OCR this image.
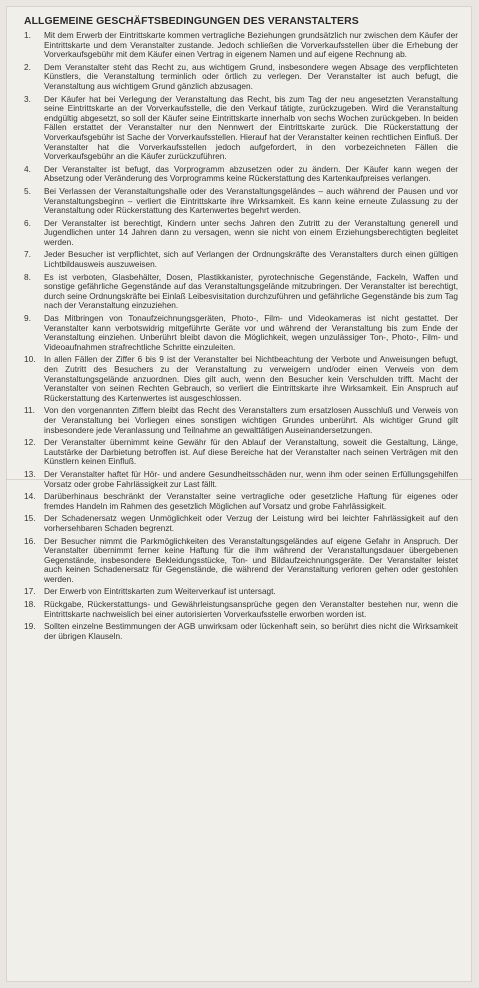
ALLGEMEINE GESCHÄFTSBEDINGUNGEN DES VERANSTALTERS
1.	Mit dem Erwerb der Eintrittskarte kommen vertragliche Beziehungen grundsätzlich nur zwischen dem Käufer der Eintrittskarte und dem Veranstalter zustande. Jedoch schließen die Vorverkaufsstellen über die Erhebung der Vorverkaufsgebühr mit dem Käufer einen Vertrag in eigenem Namen und auf eigene Rechnung ab.
2.	Dem Veranstalter steht das Recht zu, aus wichtigem Grund, insbesondere wegen Absage des verpflichteten Künstlers, die Veranstaltung terminlich oder örtlich zu verlegen. Der Veranstalter ist auch befugt, die Veranstaltung aus wichtigem Grund gänzlich abzusagen.
3.	Der Käufer hat bei Verlegung der Veranstaltung das Recht, bis zum Tag der neu angesetzten Veranstaltung seine Eintrittskarte an der Vorverkaufsstelle, die den Verkauf tätigte, zurückzugeben. Wird die Veranstaltung endgültig abgesetzt, so soll der Käufer seine Eintrittskarte innerhalb von sechs Wochen zurückgeben. In beiden Fällen erstattet der Veranstalter nur den Nennwert der Eintrittskarte zurück. Die Rückerstattung der Vorverkaufsgebühr ist Sache der Vorverkaufsstellen. Hierauf hat der Veranstalter keinen rechtlichen Einfluß. Der Veranstalter hat die Vorverkaufsstellen jedoch aufgefordert, in den vorbezeichneten Fällen die Vorverkaufsgebühr an die Käufer zurückzuführen.
4.	Der Veranstalter ist befugt, das Vorprogramm abzusetzen oder zu ändern. Der Käufer kann wegen der Absetzung oder Veränderung des Vorprogramms keine Rückerstattung des Kartenkaufpreises verlangen.
5.	Bei Verlassen der Veranstaltungshalle oder des Veranstaltungsgeländes – auch während der Pausen und vor Veranstaltungsbeginn – verliert die Eintrittskarte ihre Wirksamkeit. Es kann keine erneute Zulassung zu der Veranstaltung oder Rückerstattung des Kartenwertes begehrt werden.
6.	Der Veranstalter ist berechtigt, Kindern unter sechs Jahren den Zutritt zu der Veranstaltung generell und Jugendlichen unter 14 Jahren dann zu versagen, wenn sie nicht von einem Erziehungsberechtigten begleitet werden.
7.	Jeder Besucher ist verpflichtet, sich auf Verlangen der Ordnungskräfte des Veranstalters durch einen gültigen Lichtbildausweis auszuweisen.
8.	Es ist verboten, Glasbehälter, Dosen, Plastikkanister, pyrotechnische Gegenstände, Fackeln, Waffen und sonstige gefährliche Gegenstände auf das Veranstaltungsgelände mitzubringen. Der Veranstalter ist berechtigt, durch seine Ordnungskräfte bei Einlaß Leibesvisitation durchzuführen und gefährliche Gegenstände bis zum Tag nach der Veranstaltung einzuziehen.
9.	Das Mitbringen von Tonaufzeichnungsgeräten, Photo-, Film- und Videokameras ist nicht gestattet. Der Veranstalter kann verbotswidrig mitgeführte Geräte vor und während der Veranstaltung bis zum Ende der Veranstaltung einziehen. Unberührt bleibt davon die Möglichkeit, wegen unzulässiger Ton-, Photo-, Film- und Videoaufnahmen strafrechtliche Schritte einzuleiten.
10.	In allen Fällen der Ziffer 6 bis 9 ist der Veranstalter bei Nichtbeachtung der Verbote und Anweisungen befugt, den Zutritt des Besuchers zu der Veranstaltung zu verweigern und/oder einen Verweis von dem Veranstaltungsgelände anzuordnen. Dies gilt auch, wenn den Besucher kein Verschulden trifft. Macht der Veranstalter von seinen Rechten Gebrauch, so verliert die Eintrittskarte ihre Wirksamkeit. Ein Anspruch auf Rückerstattung des Kartenwertes ist ausgeschlossen.
11.	Von den vorgenannten Ziffern bleibt das Recht des Veranstalters zum ersatzlosen Ausschluß und Verweis von der Veranstaltung bei Vorliegen eines sonstigen wichtigen Grundes unberührt. Als wichtiger Grund gilt insbesondere jede Veranlassung und Teilnahme an gewalttätigen Auseinandersetzungen.
12.	Der Veranstalter übernimmt keine Gewähr für den Ablauf der Veranstaltung, soweit die Gestaltung, Länge, Lautstärke der Darbietung betroffen ist. Auf diese Bereiche hat der Veranstalter nach seinen Verträgen mit den Künstlern keinen Einfluß.
13.	Der Veranstalter haftet für Hör- und andere Gesundheitsschäden nur, wenn ihm oder seinen Erfüllungsgehilfen Vorsatz oder grobe Fahrlässigkeit zur Last fällt.
14.	Darüberhinaus beschränkt der Veranstalter seine vertragliche oder gesetzliche Haftung für eigenes oder fremdes Handeln im Rahmen des gesetzlich Möglichen auf Vorsatz und grobe Fahrlässigkeit.
15.	Der Schadenersatz wegen Unmöglichkeit oder Verzug der Leistung wird bei leichter Fahrlässigkeit auf den vorhersehbaren Schaden begrenzt.
16.	Der Besucher nimmt die Parkmöglichkeiten des Veranstaltungsgeländes auf eigene Gefahr in Anspruch. Der Veranstalter übernimmt ferner keine Haftung für die ihm während der Veranstaltungsdauer übergebenen Gegenstände, insbesondere Bekleidungsstücke, Ton- und Bildaufzeichnungsgeräte. Der Veranstalter leistet auch keinen Schadenersatz für Gegenstände, die während der Veranstaltung verloren gehen oder gestohlen werden.
17.	Der Erwerb von Eintrittskarten zum Weiterverkauf ist untersagt.
18.	Rückgabe, Rückerstattungs- und Gewährleistungsansprüche gegen den Veranstalter bestehen nur, wenn die Eintrittskarte nachweislich bei einer autorisierten Vorverkaufsstelle erworben worden ist.
19.	Sollten einzelne Bestimmungen der AGB unwirksam oder lückenhaft sein, so berührt dies nicht die Wirksamkeit der übrigen Klauseln.
